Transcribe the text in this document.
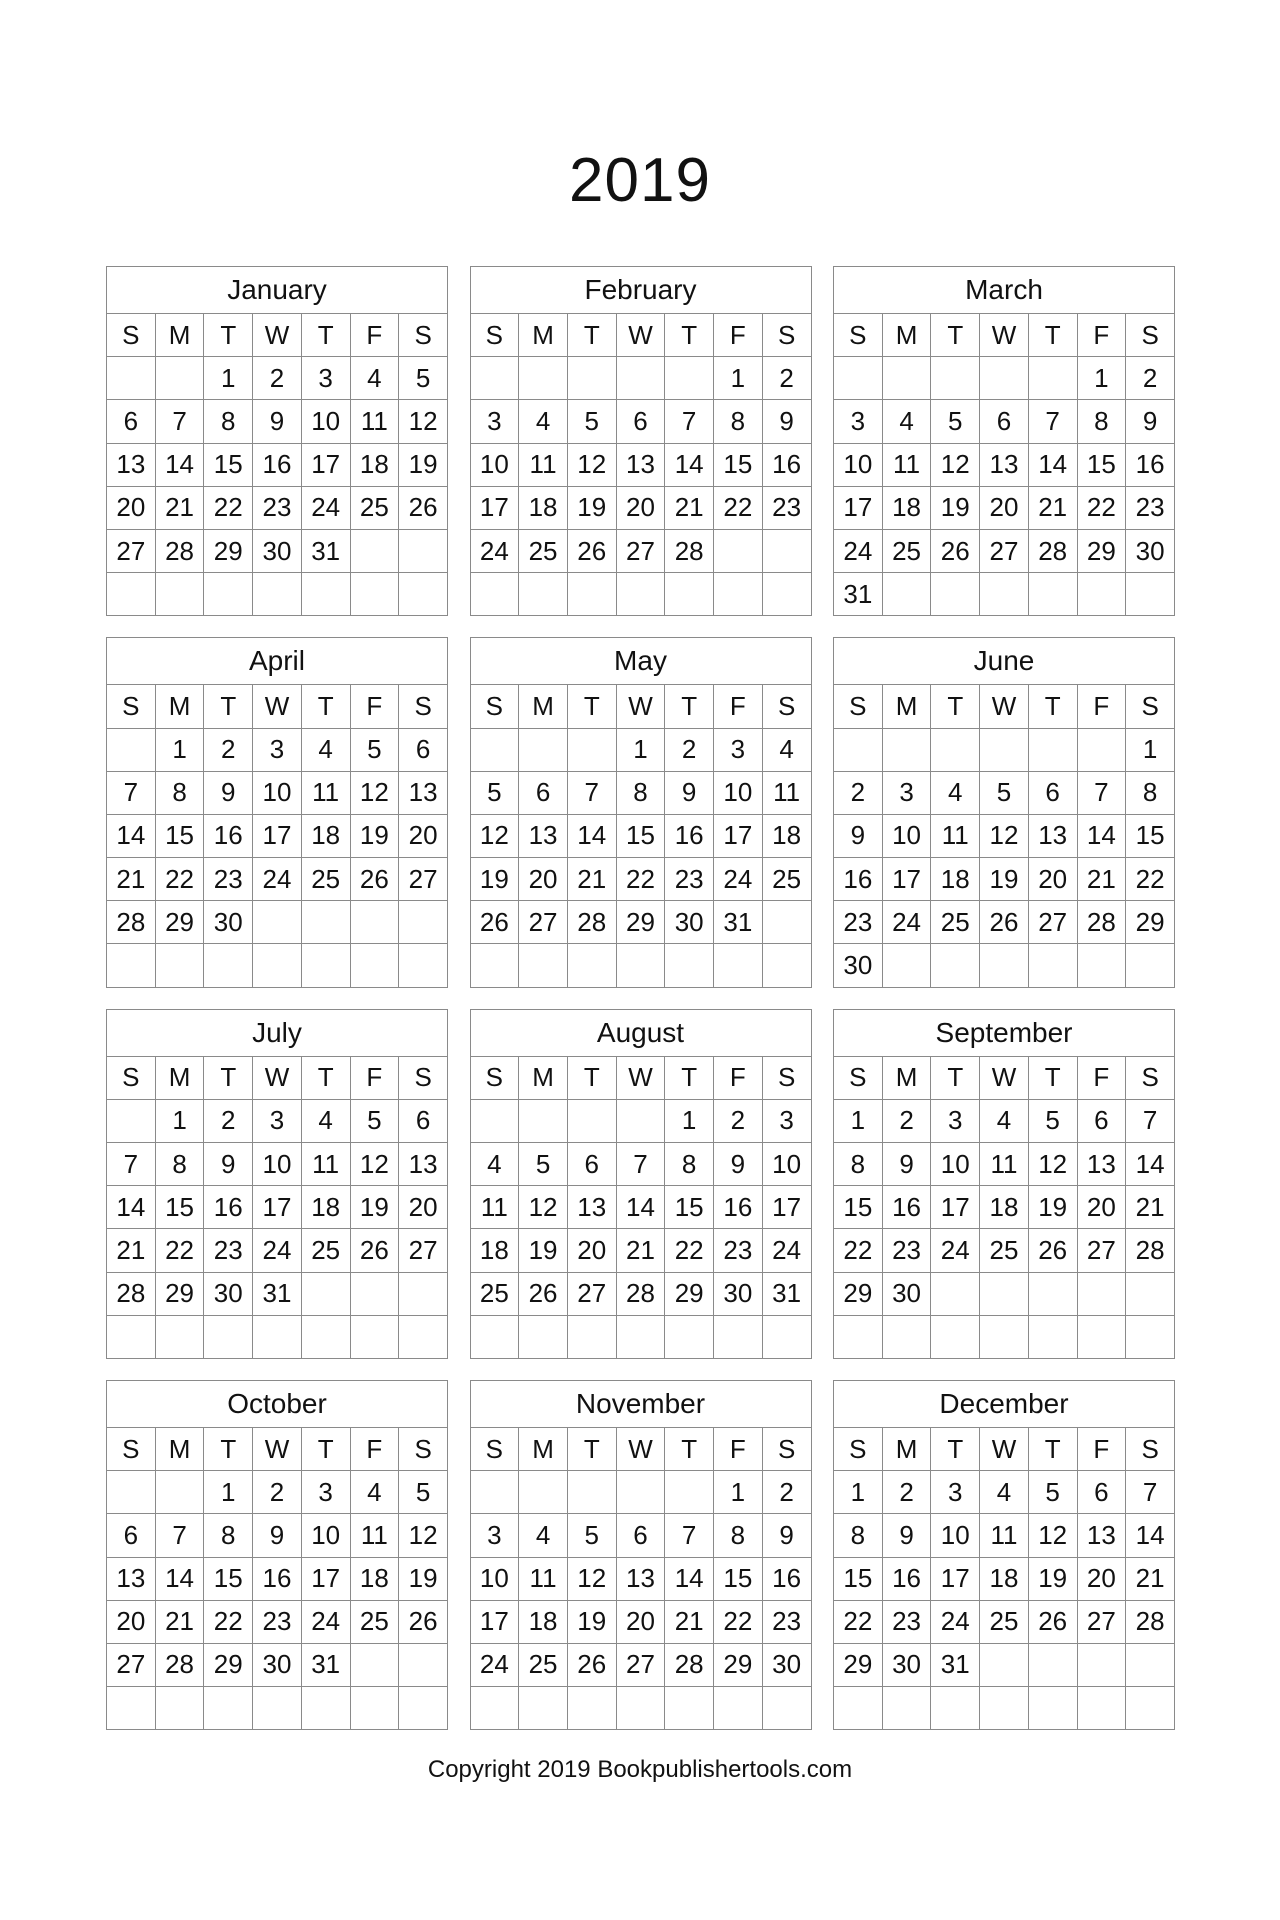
2019
January						
S	M	T	W	T	F	S
		1	2	3	4	5
6	7	8	9	10	11	12
13	14	15	16	17	18	19
20	21	22	23	24	25	26
27	28	29	30	31		

February						
S	M	T	W	T	F	S
					1	2
3	4	5	6	7	8	9
10	11	12	13	14	15	16
17	18	19	20	21	22	23
24	25	26	27	28		

March						
S	M	T	W	T	F	S
					1	2
3	4	5	6	7	8	9
10	11	12	13	14	15	16
17	18	19	20	21	22	23
24	25	26	27	28	29	30
31						
April						
S	M	T	W	T	F	S
	1	2	3	4	5	6
7	8	9	10	11	12	13
14	15	16	17	18	19	20
21	22	23	24	25	26	27
28	29	30				

May						
S	M	T	W	T	F	S
			1	2	3	4
5	6	7	8	9	10	11
12	13	14	15	16	17	18
19	20	21	22	23	24	25
26	27	28	29	30	31	

June						
S	M	T	W	T	F	S
						1
2	3	4	5	6	7	8
9	10	11	12	13	14	15
16	17	18	19	20	21	22
23	24	25	26	27	28	29
30						
July						
S	M	T	W	T	F	S
	1	2	3	4	5	6
7	8	9	10	11	12	13
14	15	16	17	18	19	20
21	22	23	24	25	26	27
28	29	30	31			

August						
S	M	T	W	T	F	S
				1	2	3
4	5	6	7	8	9	10
11	12	13	14	15	16	17
18	19	20	21	22	23	24
25	26	27	28	29	30	31

September						
S	M	T	W	T	F	S
1	2	3	4	5	6	7
8	9	10	11	12	13	14
15	16	17	18	19	20	21
22	23	24	25	26	27	28
29	30					

October						
S	M	T	W	T	F	S
		1	2	3	4	5
6	7	8	9	10	11	12
13	14	15	16	17	18	19
20	21	22	23	24	25	26
27	28	29	30	31		

November						
S	M	T	W	T	F	S
					1	2
3	4	5	6	7	8	9
10	11	12	13	14	15	16
17	18	19	20	21	22	23
24	25	26	27	28	29	30

December						
S	M	T	W	T	F	S
1	2	3	4	5	6	7
8	9	10	11	12	13	14
15	16	17	18	19	20	21
22	23	24	25	26	27	28
29	30	31				

Copyright 2019 Bookpublishertools.com
